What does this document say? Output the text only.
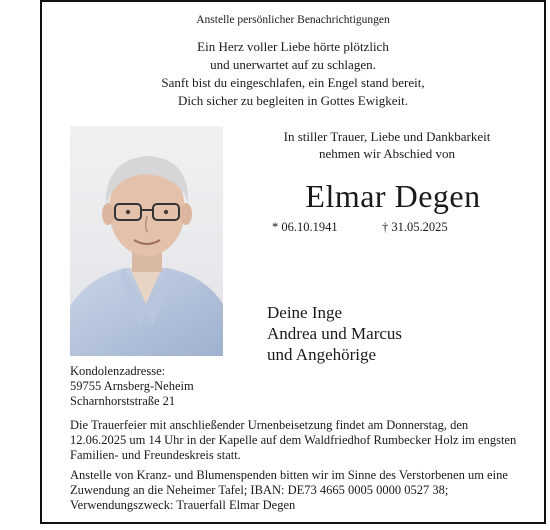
Anstelle persönlicher Benachrichtigungen
Ein Herz voller Liebe hörte plötzlich
und unerwartet auf zu schlagen.
Sanft bist du eingeschlafen, ein Engel stand bereit,
Dich sicher zu begleiten in Gottes Ewigkeit.
In stiller Trauer, Liebe und Dankbarkeit
nehmen wir Abschied von
Elmar Degen
* 06.10.1941	† 31.05.2025
Deine Inge
Andrea und Marcus
und Angehörige
Kondolenzadresse:
59755 Arnsberg-Neheim
Scharnhorststraße 21
Die Trauerfeier mit anschließender Urnenbeisetzung findet am Donnerstag, den 12.06.2025 um 14 Uhr in der Kapelle auf dem Waldfriedhof Rumbecker Holz im engsten Familien- und Freundeskreis statt.
Anstelle von Kranz- und Blumenspenden bitten wir im Sinne des Verstorbenen um eine Zuwendung an die Neheimer Tafel; IBAN: DE73 4665 0005 0000 0527 38; Verwendungszweck: Trauerfall Elmar Degen
